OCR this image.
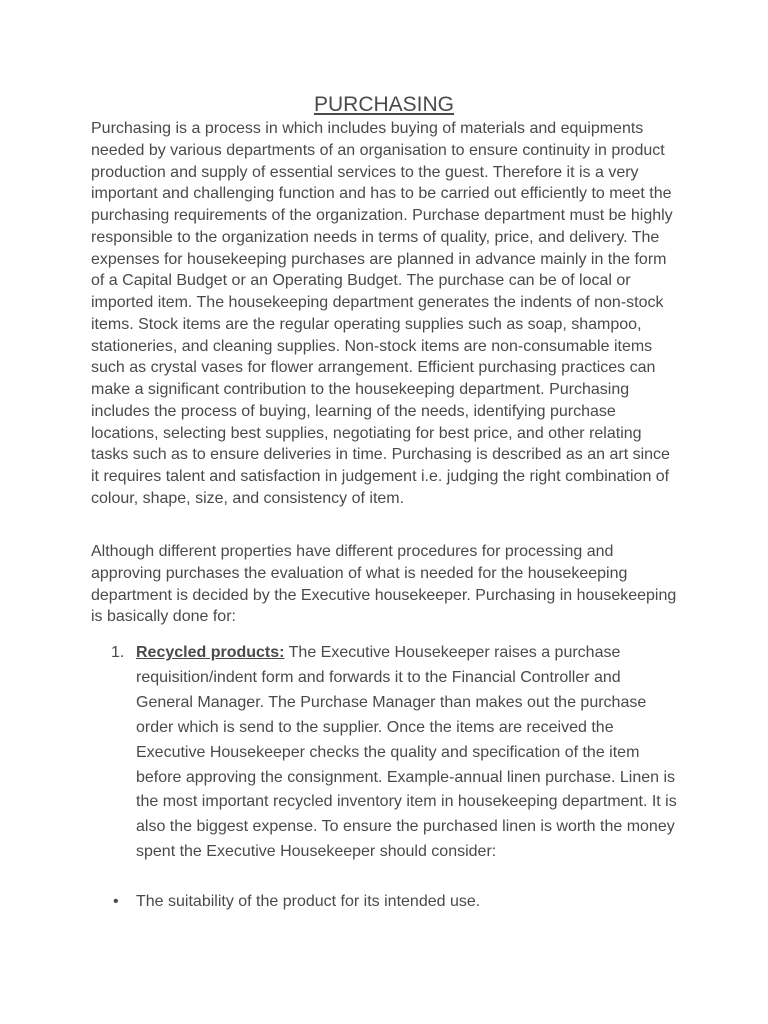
PURCHASING

Purchasing is a process in which includes buying of materials and equipments needed by various departments of an organisation to ensure continuity in product production and supply of essential services to the guest. Therefore it is a very important and challenging function and has to be carried out efficiently to meet the purchasing requirements of the organization. Purchase department must be highly responsible to the organization needs in terms of quality, price, and delivery. The expenses for housekeeping purchases are planned in advance mainly in the form of a Capital Budget or an Operating Budget. The purchase can be of local or imported item. The housekeeping department generates the indents of non-stock items. Stock items are the regular operating supplies such as soap, shampoo, stationeries, and cleaning supplies. Non-stock items are non-consumable items such as crystal vases for flower arrangement. Efficient purchasing practices can make a significant contribution to the housekeeping department. Purchasing includes the process of buying, learning of the needs, identifying purchase locations, selecting best supplies, negotiating for best price, and other relating tasks such as to ensure deliveries in time. Purchasing is described as an art since it requires talent and satisfaction in judgement i.e. judging the right combination of colour, shape, size, and consistency of item.

Although different properties have different procedures for processing and approving purchases the evaluation of what is needed for the housekeeping department is decided by the Executive housekeeper. Purchasing in housekeeping is basically done for:

1. Recycled products: The Executive Housekeeper raises a purchase requisition/indent form and forwards it to the Financial Controller and General Manager. The Purchase Manager than makes out the purchase order which is send to the supplier. Once the items are received the Executive Housekeeper checks the quality and specification of the item before approving the consignment. Example-annual linen purchase. Linen is the most important recycled inventory item in housekeeping department. It is also the biggest expense. To ensure the purchased linen is worth the money spent the Executive Housekeeper should consider:

• The suitability of the product for its intended use.
